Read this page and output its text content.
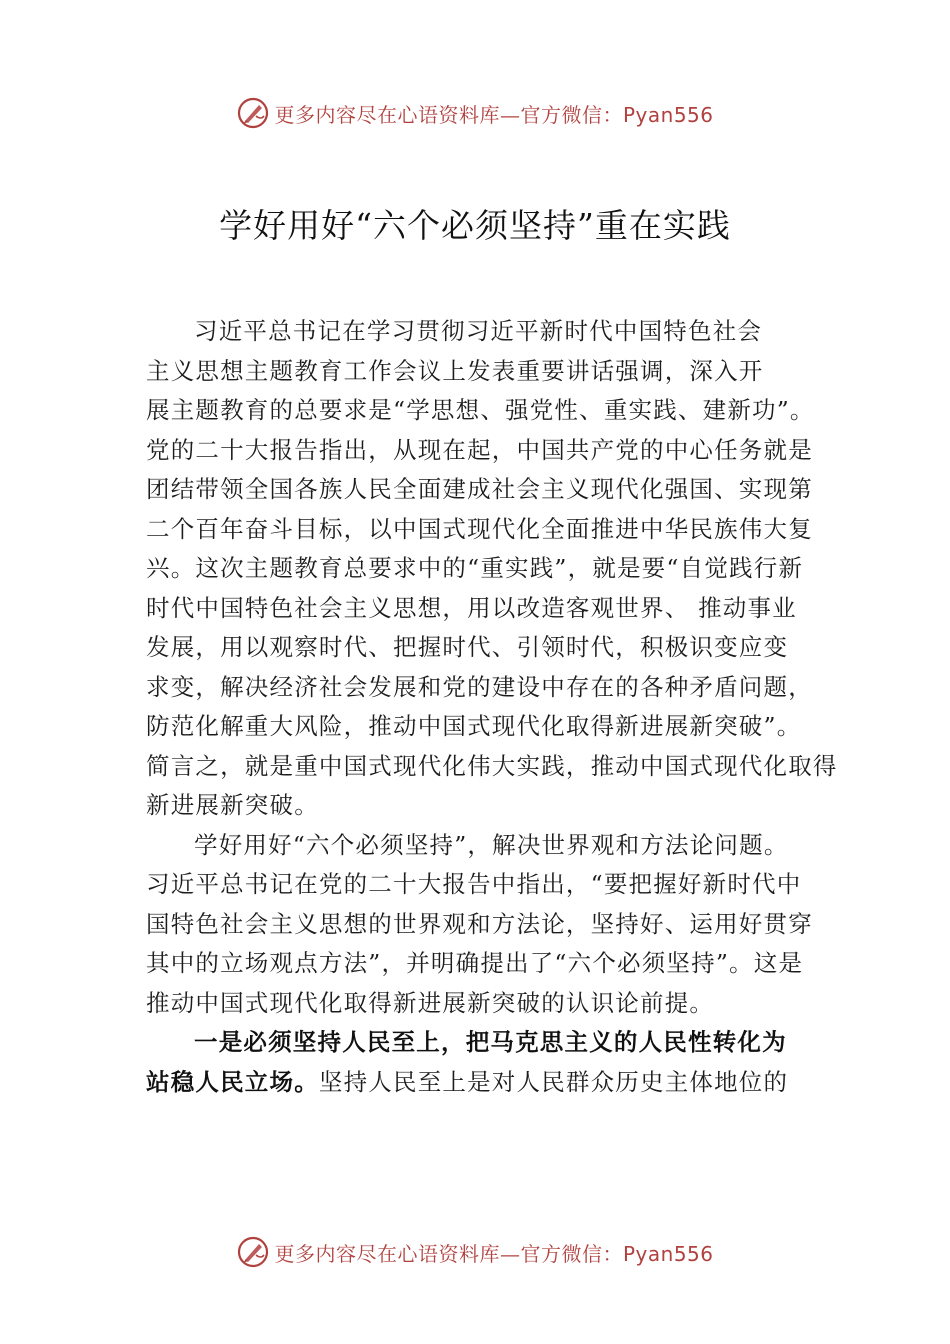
更多内容尽在心语资料库—官方微信：Pyan556
学好用好“六个必须坚持”重在实践
习近平总书记在学习贯彻习近平新时代中国特色社会
主义思想主题教育工作会议上发表重要讲话强调，深入开
展主题教育的总要求是“学思想、强党性、重实践、建新功”。
党的二十大报告指出，从现在起，中国共产党的中心任务就是
团结带领全国各族人民全面建成社会主义现代化强国、实现第
二个百年奋斗目标，以中国式现代化全面推进中华民族伟大复
兴。这次主题教育总要求中的“重实践”，就是要“自觉践行新
时代中国特色社会主义思想，用以改造客观世界、 推动事业
发展，用以观察时代、把握时代、引领时代，积极识变应变
求变，解决经济社会发展和党的建设中存在的各种矛盾问题，
防范化解重大风险，推动中国式现代化取得新进展新突破”。
简言之，就是重中国式现代化伟大实践，推动中国式现代化取得
新进展新突破。
学好用好“六个必须坚持”，解决世界观和方法论问题。
习近平总书记在党的二十大报告中指出，“要把握好新时代中
国特色社会主义思想的世界观和方法论，坚持好、运用好贯穿
其中的立场观点方法”，并明确提出了“六个必须坚持”。这是
推动中国式现代化取得新进展新突破的认识论前提。
一是必须坚持人民至上，把马克思主义的人民性转化为
站稳人民立场。坚持人民至上是对人民群众历史主体地位的
更多内容尽在心语资料库—官方微信：Pyan556
